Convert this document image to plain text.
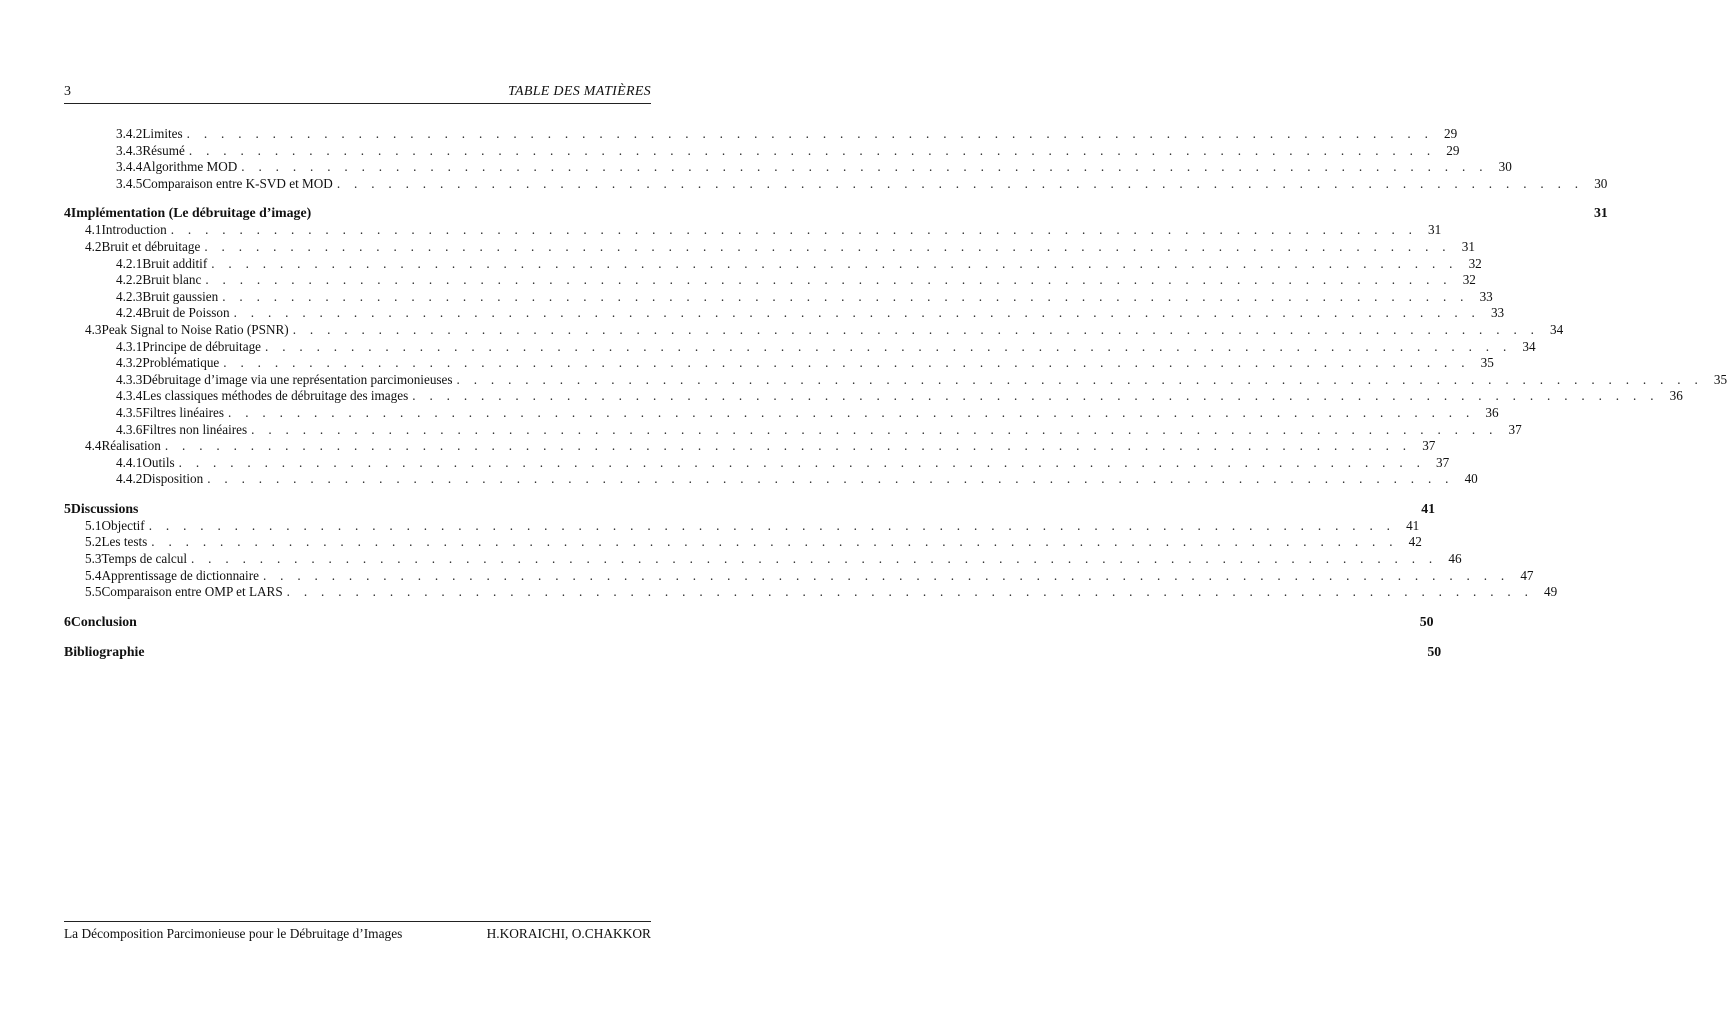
3	TABLE DES MATIÈRES
3.4.2 Limites . . . . . . . . . . . . . . . . . . . . . . . . . . . . . . . . . . . . . . . . . . . . . . . . . . . . . . . . . . . . . . . . . . . . . . . . . 29
3.4.3 Résumé . . . . . . . . . . . . . . . . . . . . . . . . . . . . . . . . . . . . . . . . . . . . . . . . . . . . . . . . . . . . . . . . . . . . . . . . . 29
3.4.4 Algorithme MOD . . . . . . . . . . . . . . . . . . . . . . . . . . . . . . . . . . . . . . . . . . . . . . . . . . . . . . . . . . . . . . . . . . . . . . . . . 30
3.4.5 Comparaison entre K-SVD et MOD . . . . . . . . . . . . . . . . . . . . . . . . . . . . . . . . . . . . . . . . . . . . . . . . . . . . . . . . . . . . . . . . . . . . . . . . . 30
4 Implémentation (Le débruitage d’image)	31
4.1 Introduction . . . . . . . . . . . . . . . . . . . . . . . . . . . . . . . . . . . . . . . . . . . . . . . . . . . . . . . . . . . . . . . . . . . . . . . . . 31
4.2 Bruit et débruitage . . . . . . . . . . . . . . . . . . . . . . . . . . . . . . . . . . . . . . . . . . . . . . . . . . . . . . . . . . . . . . . . . . . . . . . . . 31
4.2.1 Bruit additif . . . . . . . . . . . . . . . . . . . . . . . . . . . . . . . . . . . . . . . . . . . . . . . . . . . . . . . . . . . . . . . . . . . . . . . . . 32
4.2.2 Bruit blanc . . . . . . . . . . . . . . . . . . . . . . . . . . . . . . . . . . . . . . . . . . . . . . . . . . . . . . . . . . . . . . . . . . . . . . . . . 32
4.2.3 Bruit gaussien . . . . . . . . . . . . . . . . . . . . . . . . . . . . . . . . . . . . . . . . . . . . . . . . . . . . . . . . . . . . . . . . . . . . . . . . . 33
4.2.4 Bruit de Poisson . . . . . . . . . . . . . . . . . . . . . . . . . . . . . . . . . . . . . . . . . . . . . . . . . . . . . . . . . . . . . . . . . . . . . . . . . 33
4.3 Peak Signal to Noise Ratio (PSNR) . . . . . . . . . . . . . . . . . . . . . . . . . . . . . . . . . . . . . . . . . . . . . . . . . . . . . . . . . . . . . . . . . . . . . . . . . 34
4.3.1 Principe de débruitage . . . . . . . . . . . . . . . . . . . . . . . . . . . . . . . . . . . . . . . . . . . . . . . . . . . . . . . . . . . . . . . . . . . . . . . . . 34
4.3.2 Problématique . . . . . . . . . . . . . . . . . . . . . . . . . . . . . . . . . . . . . . . . . . . . . . . . . . . . . . . . . . . . . . . . . . . . . . . . . 35
4.3.3 Débruitage d’image via une représentation parcimonieuses . . . . . . . . . . . . . . . . . . . . . . . . . . . . . . . . . . . . . . . . . . . . . . . . . . . . . . . . . . . . . . . . . . . . . . . . . 35
4.3.4 Les classiques méthodes de débruitage des images . . . . . . . . . . . . . . . . . . . . . . . . . . . . . . . . . . . . . . . . . . . . . . . . . . . . . . . . . . . . . . . . . . . . . . . . . 36
4.3.5 Filtres linéaires . . . . . . . . . . . . . . . . . . . . . . . . . . . . . . . . . . . . . . . . . . . . . . . . . . . . . . . . . . . . . . . . . . . . . . . . . 36
4.3.6 Filtres non linéaires . . . . . . . . . . . . . . . . . . . . . . . . . . . . . . . . . . . . . . . . . . . . . . . . . . . . . . . . . . . . . . . . . . . . . . . . . 37
4.4 Réalisation . . . . . . . . . . . . . . . . . . . . . . . . . . . . . . . . . . . . . . . . . . . . . . . . . . . . . . . . . . . . . . . . . . . . . . . . . 37
4.4.1 Outils . . . . . . . . . . . . . . . . . . . . . . . . . . . . . . . . . . . . . . . . . . . . . . . . . . . . . . . . . . . . . . . . . . . . . . . . . 37
4.4.2 Disposition . . . . . . . . . . . . . . . . . . . . . . . . . . . . . . . . . . . . . . . . . . . . . . . . . . . . . . . . . . . . . . . . . . . . . . . . . 40
5 Discussions	41
5.1 Objectif . . . . . . . . . . . . . . . . . . . . . . . . . . . . . . . . . . . . . . . . . . . . . . . . . . . . . . . . . . . . . . . . . . . . . . . . . 41
5.2 Les tests . . . . . . . . . . . . . . . . . . . . . . . . . . . . . . . . . . . . . . . . . . . . . . . . . . . . . . . . . . . . . . . . . . . . . . . . . 42
5.3 Temps de calcul . . . . . . . . . . . . . . . . . . . . . . . . . . . . . . . . . . . . . . . . . . . . . . . . . . . . . . . . . . . . . . . . . . . . . . . . . 46
5.4 Apprentissage de dictionnaire . . . . . . . . . . . . . . . . . . . . . . . . . . . . . . . . . . . . . . . . . . . . . . . . . . . . . . . . . . . . . . . . . . . . . . . . . 47
5.5 Comparaison entre OMP et LARS . . . . . . . . . . . . . . . . . . . . . . . . . . . . . . . . . . . . . . . . . . . . . . . . . . . . . . . . . . . . . . . . . . . . . . . . . 49
6 Conclusion	50
Bibliographie	50
La Décomposition Parcimonieuse pour le Débruitage d’Images	H.KORAICHI, O.CHAKKOR
